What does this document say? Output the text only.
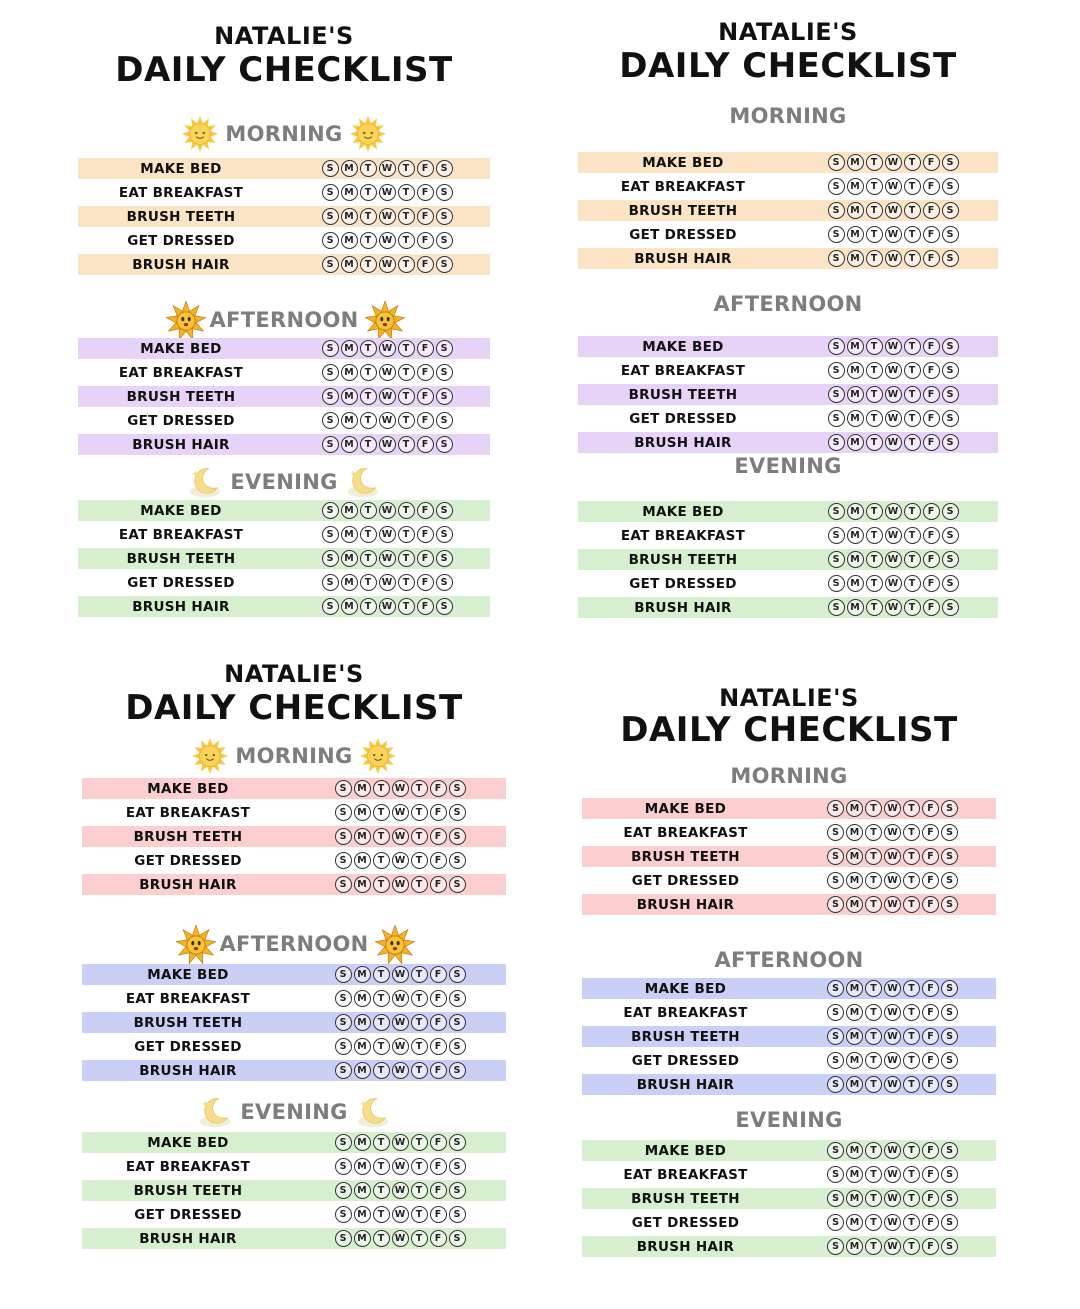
NATALIE'S
DAILY CHECKLIST
MORNING
MAKE BED	S	M	T	W	T	F	S
EAT BREAKFAST	S	M	T	W	T	F	S
BRUSH TEETH	S	M	T	W	T	F	S
GET DRESSED	S	M	T	W	T	F	S
BRUSH HAIR	S	M	T	W	T	F	S
AFTERNOON
MAKE BED	S	M	T	W	T	F	S
EAT BREAKFAST	S	M	T	W	T	F	S
BRUSH TEETH	S	M	T	W	T	F	S
GET DRESSED	S	M	T	W	T	F	S
BRUSH HAIR	S	M	T	W	T	F	S
EVENING
MAKE BED	S	M	T	W	T	F	S
EAT BREAKFAST	S	M	T	W	T	F	S
BRUSH TEETH	S	M	T	W	T	F	S
GET DRESSED	S	M	T	W	T	F	S
BRUSH HAIR	S	M	T	W	T	F	S
NATALIE'S
DAILY CHECKLIST
MORNING
MAKE BED	S	M	T	W	T	F	S
EAT BREAKFAST	S	M	T	W	T	F	S
BRUSH TEETH	S	M	T	W	T	F	S
GET DRESSED	S	M	T	W	T	F	S
BRUSH HAIR	S	M	T	W	T	F	S
AFTERNOON
MAKE BED	S	M	T	W	T	F	S
EAT BREAKFAST	S	M	T	W	T	F	S
BRUSH TEETH	S	M	T	W	T	F	S
GET DRESSED	S	M	T	W	T	F	S
BRUSH HAIR	S	M	T	W	T	F	S
EVENING
MAKE BED	S	M	T	W	T	F	S
EAT BREAKFAST	S	M	T	W	T	F	S
BRUSH TEETH	S	M	T	W	T	F	S
GET DRESSED	S	M	T	W	T	F	S
BRUSH HAIR	S	M	T	W	T	F	S
NATALIE'S
DAILY CHECKLIST
MORNING
MAKE BED	S	M	T	W	T	F	S
EAT BREAKFAST	S	M	T	W	T	F	S
BRUSH TEETH	S	M	T	W	T	F	S
GET DRESSED	S	M	T	W	T	F	S
BRUSH HAIR	S	M	T	W	T	F	S
AFTERNOON
MAKE BED	S	M	T	W	T	F	S
EAT BREAKFAST	S	M	T	W	T	F	S
BRUSH TEETH	S	M	T	W	T	F	S
GET DRESSED	S	M	T	W	T	F	S
BRUSH HAIR	S	M	T	W	T	F	S
EVENING
MAKE BED	S	M	T	W	T	F	S
EAT BREAKFAST	S	M	T	W	T	F	S
BRUSH TEETH	S	M	T	W	T	F	S
GET DRESSED	S	M	T	W	T	F	S
BRUSH HAIR	S	M	T	W	T	F	S
NATALIE'S
DAILY CHECKLIST
MORNING
MAKE BED	S	M	T	W	T	F	S
EAT BREAKFAST	S	M	T	W	T	F	S
BRUSH TEETH	S	M	T	W	T	F	S
GET DRESSED	S	M	T	W	T	F	S
BRUSH HAIR	S	M	T	W	T	F	S
AFTERNOON
MAKE BED	S	M	T	W	T	F	S
EAT BREAKFAST	S	M	T	W	T	F	S
BRUSH TEETH	S	M	T	W	T	F	S
GET DRESSED	S	M	T	W	T	F	S
BRUSH HAIR	S	M	T	W	T	F	S
EVENING
MAKE BED	S	M	T	W	T	F	S
EAT BREAKFAST	S	M	T	W	T	F	S
BRUSH TEETH	S	M	T	W	T	F	S
GET DRESSED	S	M	T	W	T	F	S
BRUSH HAIR	S	M	T	W	T	F	S
